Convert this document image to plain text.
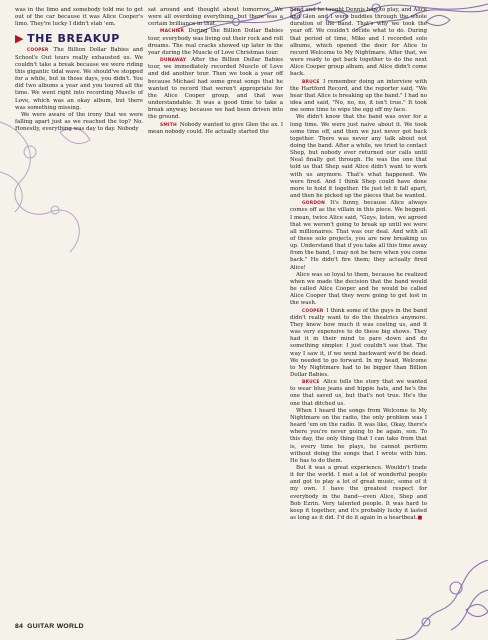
was in the limo and somebody told me to get out of the car because it was Alice Cooper's limo. They're lucky I didn't stab 'em.

▶ THE BREAKUP

COOPER The Billion Dollar Babies and School's Out tours really exhausted us. We couldn't take a break because we were riding this gigantic tidal wave. We should've stopped for a while, but in those days, you didn't. You did two albums a year and you toured all the time. We went right into recording Muscle of Love, which was an okay album, but there was something missing.

We were aware of the irony that we were falling apart just as we reached the top? No. Honestly, everything was day to day. Nobody

sat around and thought about tomorrow. We were all overdoing everything, but there was a certain brilliance in that.

MACHIER During the Billion Dollar Babies tour, everybody was living out their rock and roll dreams. The real cracks showed up later in the year during the Muscle of Love Christmas tour.

DUNAWAY After the Billion Dollar Babies tour, we immediately recorded Muscle of Love and did another tour. Then we took a year off because Michael had some great songs that he wanted to record that weren't appropriate for the Alice Cooper group, and that was understandable. It was a good time to take a break anyway, because we had been driven into the ground.

SMITH Nobody wanted to give Glen the ax. I mean nobody could. He actually started the

band and he taught Dennis how to play, and Alice and Glen and I were buddies through the whole duration of the band. That's why we took the year off. We couldn't decide what to do. During that period of time, Mike and I recorded solo albums, which opened the door for Alice to record Welcome to My Nightmare. After that, we were ready to get back together to do the next Alice Cooper group album, and Alice didn't come back.

BRUCE I remember doing an interview with the Hartford Record, and the reporter said, "We hear that Alice is breaking up the band." I had no idea and said, "No, no, no, it isn't true." It took me some time to wipe the egg off my face.

We didn't know that the band was over for a long time. We were just naive about it. We took some time off, and then we just never got back together. There was never any talk about not doing the band. After a while, we tried to contact Shep, but nobody ever returned our calls until Neal finally got through. He was the one that told us that Shep said Alice didn't want to work with us anymore. That's what happened. We were fired. And I think Shep could have done more to hold it together. He just let it fall apart, and then he picked up the pieces that he wanted.

GORDON It's funny, because Alice always comes off as the villain in this piece. We begged. I mean, twice Alice said, "Guys, listen, we agreed that we weren't going to break up until we were all millionaires. That was our deal. And with all of these solo projects, you are now breaking us up. Understand that if you take all this time away from the band, I may not be here when you come back." He didn't fire them; they actually fired Alice!

Alice was so loyal to them, because he realized when we made the decision that the band would be called Alice Cooper and he would be called Alice Cooper that they were going to get lost in the wash.

COOPER I think some of the guys in the band didn't really want to do the theatrics anymore. They knew how much it was costing us, and it was very expensive to do these big shows. They had it in their mind to pare down and do something simpler. I just couldn't see that. The way I saw it, if we went backward we'd be dead. We needed to go forward. In my head, Welcome to My Nightmare had to be bigger than Billion Dollar Babies.

BRUCE Alice tells the story that we wanted to wear blue jeans and hippie hats, and he's the one that saved us, but that's not true. He's the one that ditched us.

When I heard the songs from Welcome to My Nightmare on the radio, the only problem was I heard 'em on the radio. It was like, Okay, there's where you're never going to be again, son. To this day, the only thing that I can take from that is, every time he plays, he cannot perform without doing the songs that I wrote with him. He has to do them.

But it was a great experience. Wouldn't trade it for the world. I met a lot of wonderful people and got to play a lot of great music, some of it my own. I have the greatest respect for everybody in the band—even Alice, Shep and Bob Ezrin. Very talented people. It was hard to keep it together, and it's probably lucky it lasted as long as it did. I'd do it again in a heartbeat.■

84 GUITAR WORLD
